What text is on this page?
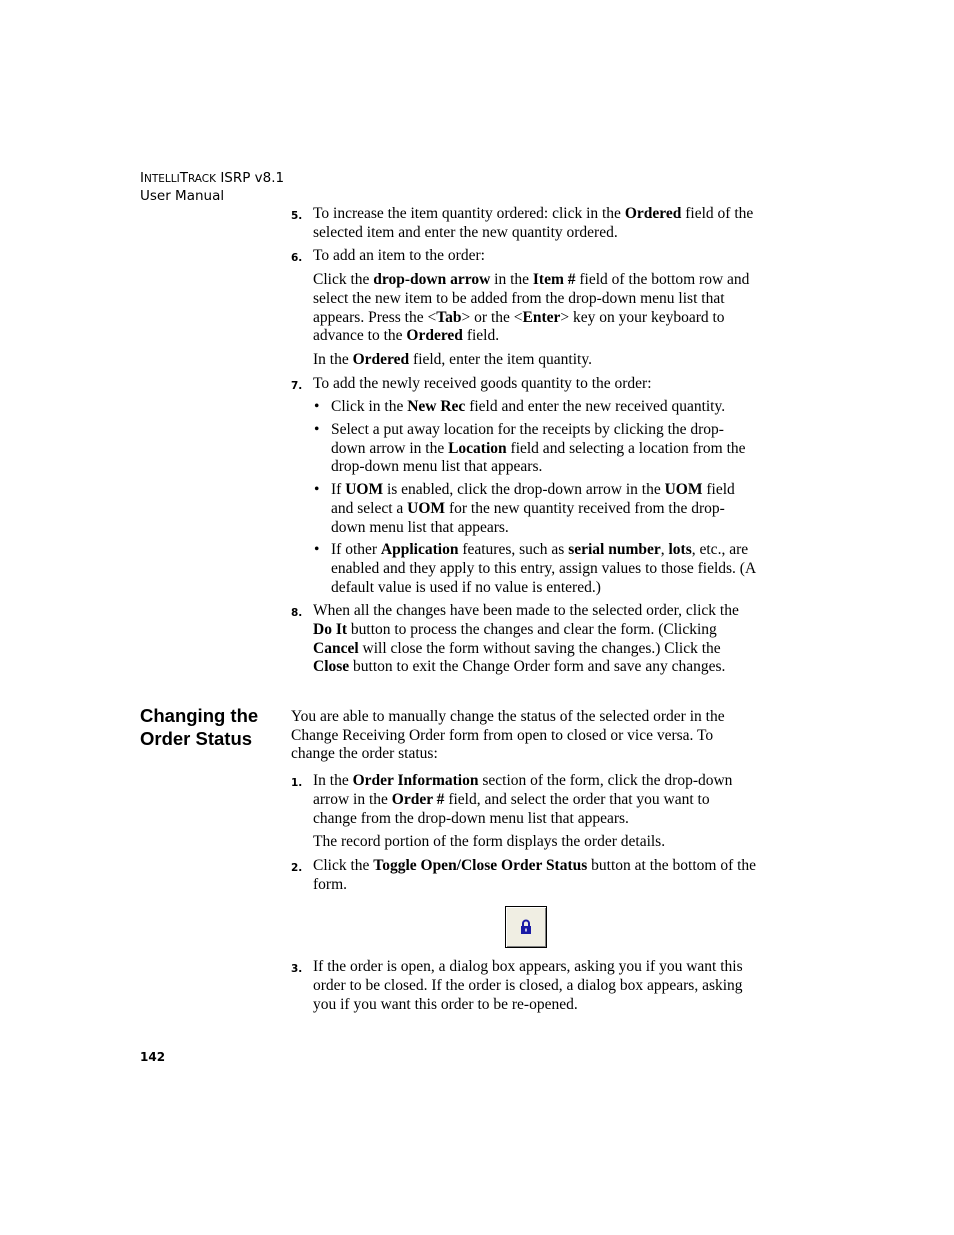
INTELLITRACK ISRP v8.1
User Manual
5. To increase the item quantity ordered: click in the Ordered field of the selected item and enter the new quantity ordered.
6. To add an item to the order:
Click the drop-down arrow in the Item # field of the bottom row and select the new item to be added from the drop-down menu list that appears. Press the <Tab> or the <Enter> key on your keyboard to advance to the Ordered field.
In the Ordered field, enter the item quantity.
7. To add the newly received goods quantity to the order:
• Click in the New Rec field and enter the new received quantity.
• Select a put away location for the receipts by clicking the drop-down arrow in the Location field and selecting a location from the drop-down menu list that appears.
• If UOM is enabled, click the drop-down arrow in the UOM field and select a UOM for the new quantity received from the drop-down menu list that appears.
• If other Application features, such as serial number, lots, etc., are enabled and they apply to this entry, assign values to those fields. (A default value is used if no value is entered.)
8. When all the changes have been made to the selected order, click the Do It button to process the changes and clear the form. (Clicking Cancel will close the form without saving the changes.) Click the Close button to exit the Change Order form and save any changes.
Changing the
Order Status
You are able to manually change the status of the selected order in the Change Receiving Order form from open to closed or vice versa. To change the order status:
1. In the Order Information section of the form, click the drop-down arrow in the Order # field, and select the order that you want to change from the drop-down menu list that appears.
The record portion of the form displays the order details.
2. Click the Toggle Open/Close Order Status button at the bottom of the form.
3. If the order is open, a dialog box appears, asking you if you want this order to be closed. If the order is closed, a dialog box appears, asking you if you want this order to be re-opened.
142
